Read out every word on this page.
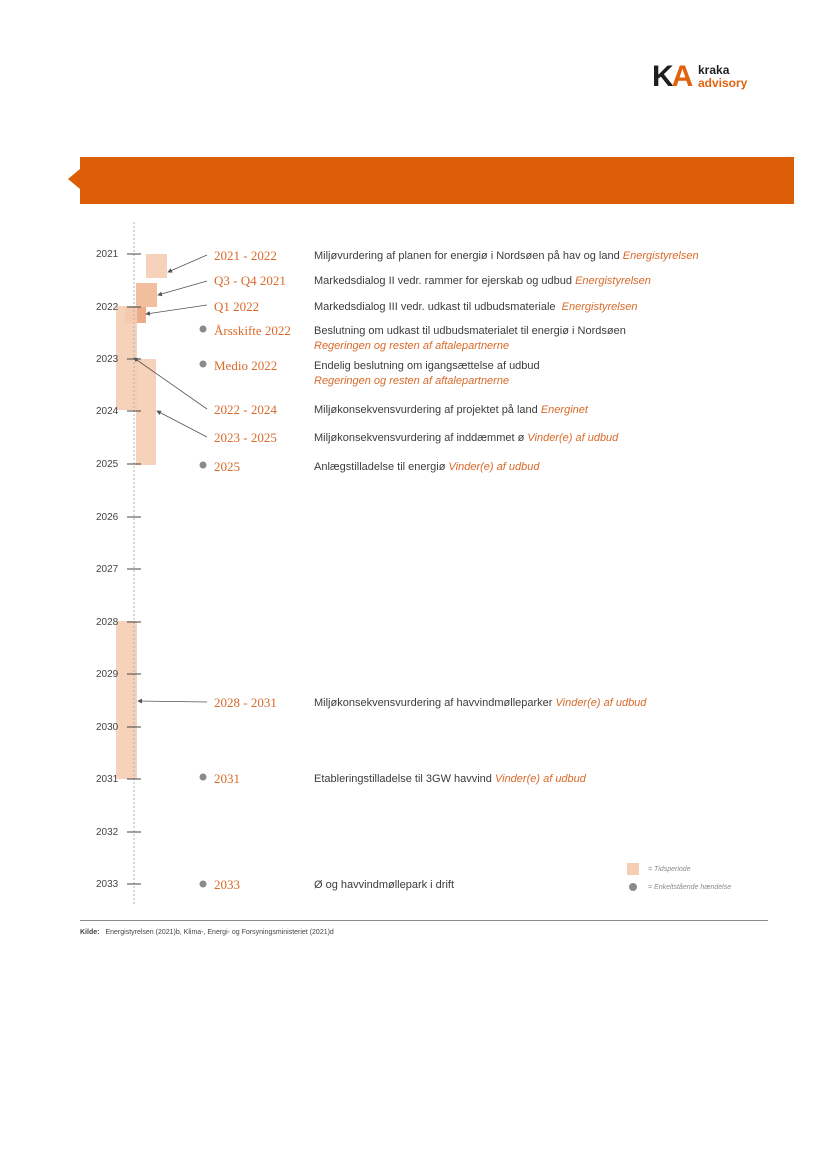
KA kraka
advisory
2021
2022
2023
2024
2025
2026
2027
2028
2029
2030
2031
2032
2033
2021 - 2022	Miljøvurdering af planen for energiø i Nordsøen på hav og land Energistyrelsen
Q3 - Q4 2021	Markedsdialog II vedr. rammer for ejerskab og udbud Energistyrelsen
Q1 2022	Markedsdialog III vedr. udkast til udbudsmateriale Energistyrelsen
Årsskifte 2022 Beslutning om udkast til udbudsmaterialet til energiø i Nordsøen
Regeringen og resten af aftalepartnerne
Medio 2022	Endelig beslutning om igangsættelse af udbud
Regeringen og resten af aftalepartnerne
2022 - 2024	Miljøkonsekvensvurdering af projektet på land Energinet
2023 - 2025	Miljøkonsekvensvurdering af inddæmmet ø Vinder(e) af udbud
2025	Anlægstilladelse til energiø Vinder(e) af udbud
2028 - 2031	Miljøkonsekvensvurdering af havvindmølleparker Vinder(e) af udbud
2031	Etableringstilladelse til 3GW havvind Vinder(e) af udbud
2033	Ø og havvindmøllepark i drift
= Tidsperiode
= Enkeltstående hændelse
Kilde: Energistyrelsen (2021)b, Klima-, Energi- og Forsyningsministeriet (2021)d
